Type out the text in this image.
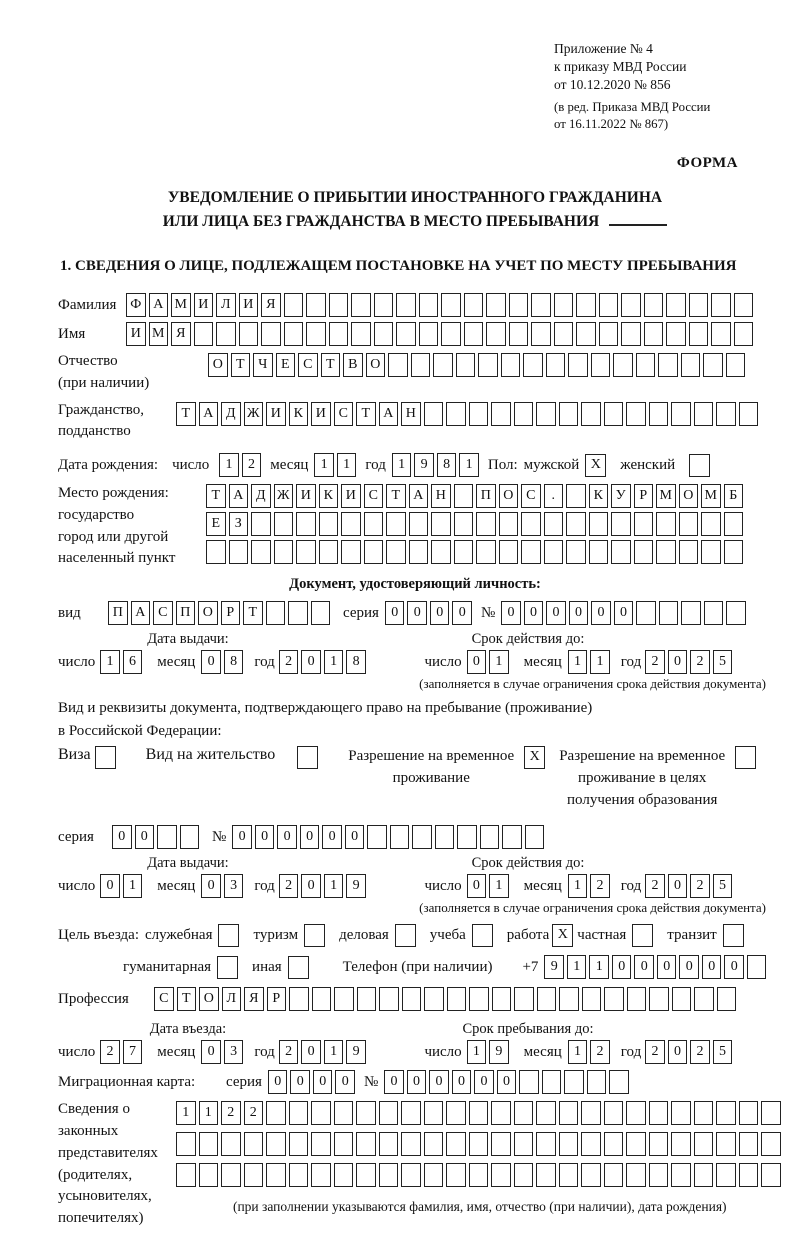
Приложение № 4
к приказу МВД России
от 10.12.2020 № 856
(в ред. Приказа МВД России
от 16.11.2022 № 867)
ФОРМА
УВЕДОМЛЕНИЕ О ПРИБЫТИИ ИНОСТРАННОГО ГРАЖДАНИНА
ИЛИ ЛИЦА БЕЗ ГРАЖДАНСТВА В МЕСТО ПРЕБЫВАНИЯ
1. СВЕДЕНИЯ О ЛИЦЕ, ПОДЛЕЖАЩЕМ ПОСТАНОВКЕ НА УЧЕТ ПО МЕСТУ ПРЕБЫВАНИЯ
Фамилия Ф А М И Л И Я
Имя	И М Я
Отчество
(при наличии)
О Т Ч Е С Т В О
Гражданство,
подданство
Т А Д Ж И К И С Т А Н
Дата рождения: число	1	2	месяц 1	1	год 1	9	8	1	Пол: мужской X	женский
Место рождения:
государство
город или другой
населенный пункт
Т А Д Ж И К И С Т А Н	П О С	.	К У Р М О М Б
Е	З
Документ, удостоверяющий личность:
вид	П А С П О Р	Т	серия 0	0	0	0	№ 0	0	0	0	0	0
Дата выдачи:	Срок действия до:
число 1	6	месяц 0	8	год 2	0	1	8	число 0	1	месяц 1	1	год 2	0	2	5
(заполняется в случае ограничения срока действия документа)
Вид и реквизиты документа, подтверждающего право на пребывание (проживание)
в Российской Федерации:
Виза	Вид на жительство	Разрешение на временное
проживание
X	Разрешение на временное
проживание в целях
получения образования
серия	0	0	№ 0	0	0	0	0	0
Дата выдачи:	Срок действия до:
число 0	1	месяц 0	3	год 2	0	1	9	число 0	1	месяц 1	2	год 2	0	2	5
(заполняется в случае ограничения срока действия документа)
Цель въезда: служебная	туризм	деловая	учеба	работа X частная	транзит
гуманитарная	иная	Телефон (при наличии) +7 9	1	1	0	0	0	0	0	0
Профессия	С Т О Л Я Р
Дата въезда:	Срок пребывания до:
число 2	7	месяц 0	3	год 2	0	1	9	число 1	9	месяц 1	2	год 2	0	2	5
Миграционная карта:	серия 0	0	0	0	№ 0	0	0	0	0	0
Сведения о
законных
представителях
(родителях,
усыновителях,
попечителях)
1	1	2	2
(при заполнении указываются фамилия, имя, отчество (при наличии), дата рождения)
